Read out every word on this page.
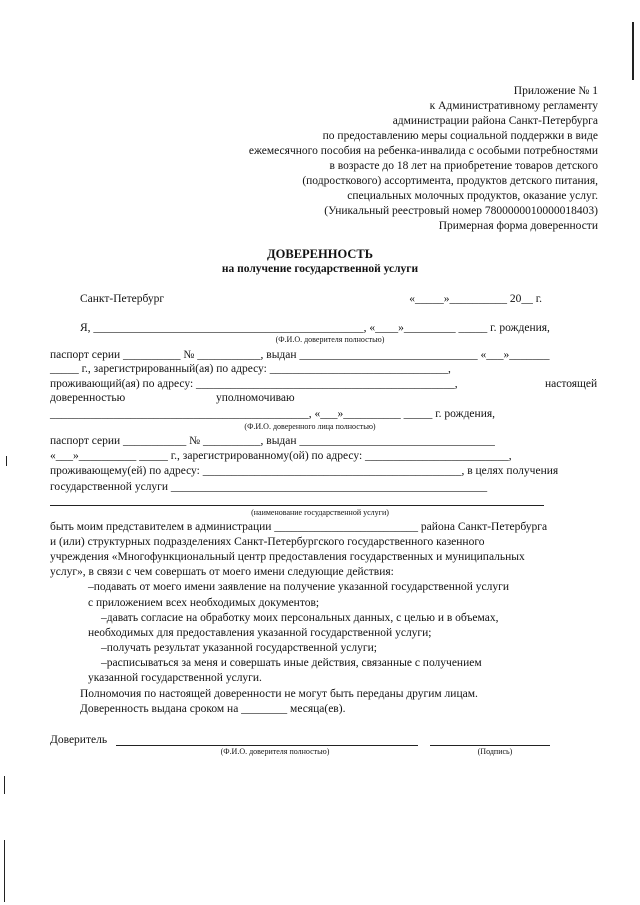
Приложение № 1
к Административному регламенту
администрации района Санкт-Петербурга
по предоставлению меры социальной поддержки в виде
ежемесячного пособия на ребенка-инвалида с особыми потребностями
в возрасте до 18 лет на приобретение товаров детского
(подросткового) ассортимента, продуктов детского питания,
специальных молочных продуктов, оказание услуг.
(Уникальный реестровый номер 7800000010000018403)
Примерная форма доверенности
ДОВЕРЕННОСТЬ
на получение государственной услуги
Санкт-Петербург	«_____»__________ 20__ г.
Я, _______________________________________________, «____»_________ _____ г. рождения,
(Ф.И.О. доверителя полностью)
паспорт серии __________ № ___________, выдан _______________________________ «___»_______
_____ г., зарегистрированный(ая) по адресу: _______________________________,
проживающий(ая) по адресу: _____________________________________________,	настоящей
доверенностью	уполномочиваю
_____________________________________________, «___»__________ _____ г. рождения,
(Ф.И.О. доверенного лица полностью)
паспорт серии ___________ № __________, выдан __________________________________
«___»__________ _____ г., зарегистрированному(ой) по адресу: _________________________,
проживающему(ей) по адресу: _____________________________________________, в целях получения
государственной услуги _______________________________________________________
(наименование государственной услуги)
быть моим представителем в администрации _________________________ района Санкт-Петербурга
и (или) структурных подразделениях Санкт-Петербургского государственного казенного
учреждения «Многофункциональный центр предоставления государственных и муниципальных
услуг», в связи с чем совершать от моего имени следующие действия:
–подавать от моего имени заявление на получение указанной государственной услуги
с приложением всех необходимых документов;
–давать согласие на обработку моих персональных данных, с целью и в объемах,
необходимых для предоставления указанной государственной услуги;
–получать результат указанной государственной услуги;
–расписываться за меня и совершать иные действия, связанные с получением
указанной государственной услуги.
Полномочия по настоящей доверенности не могут быть переданы другим лицам.
Доверенность выдана сроком на ________ месяца(ев).
Доверитель
(Ф.И.О. доверителя полностью)	(Подпись)
